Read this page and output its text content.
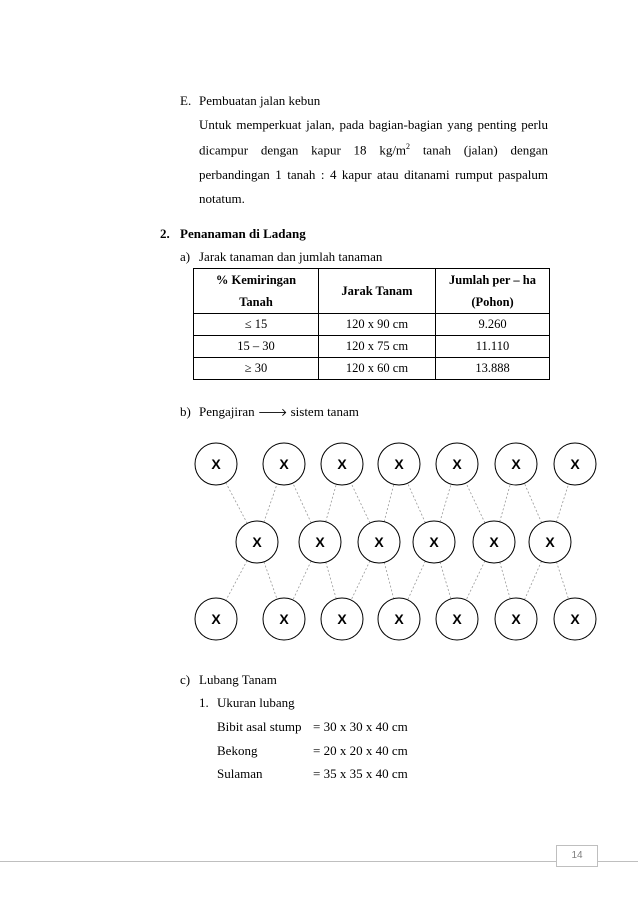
E. Pembuatan jalan kebun
Untuk memperkuat jalan, pada bagian-bagian yang penting perlu
dicampur dengan kapur 18 $kg/m^2$ tanah (jalan) dengan
perbandingan 1 tanah : 4 kapur atau ditanami rumput paspalum
notatum.
2. Penanaman di Ladang
a) Jarak tanaman dan jumlah tanaman
% Kemiringan
Tanah	Jarak Tanam	Jumlah per – ha
(Pohon)
≤ 15	120 x 90 cm	9.260
15 – 30	120 x 75 cm	11.110
≥ 30	120 x 60 cm	13.888
b) Pengajiran 🡒 sistem tanam
X	X	X	X	X	X	X
X	X	X	X	X	X
X	X	X	X	X	X	X
c) Lubang Tanam
1. Ukuran lubang
Bibit asal stump = 30 x 30 x 40 cm
Bekong	= 20 x 20 x 40 cm
Sulaman	= 35 x 35 x 40 cm
14
